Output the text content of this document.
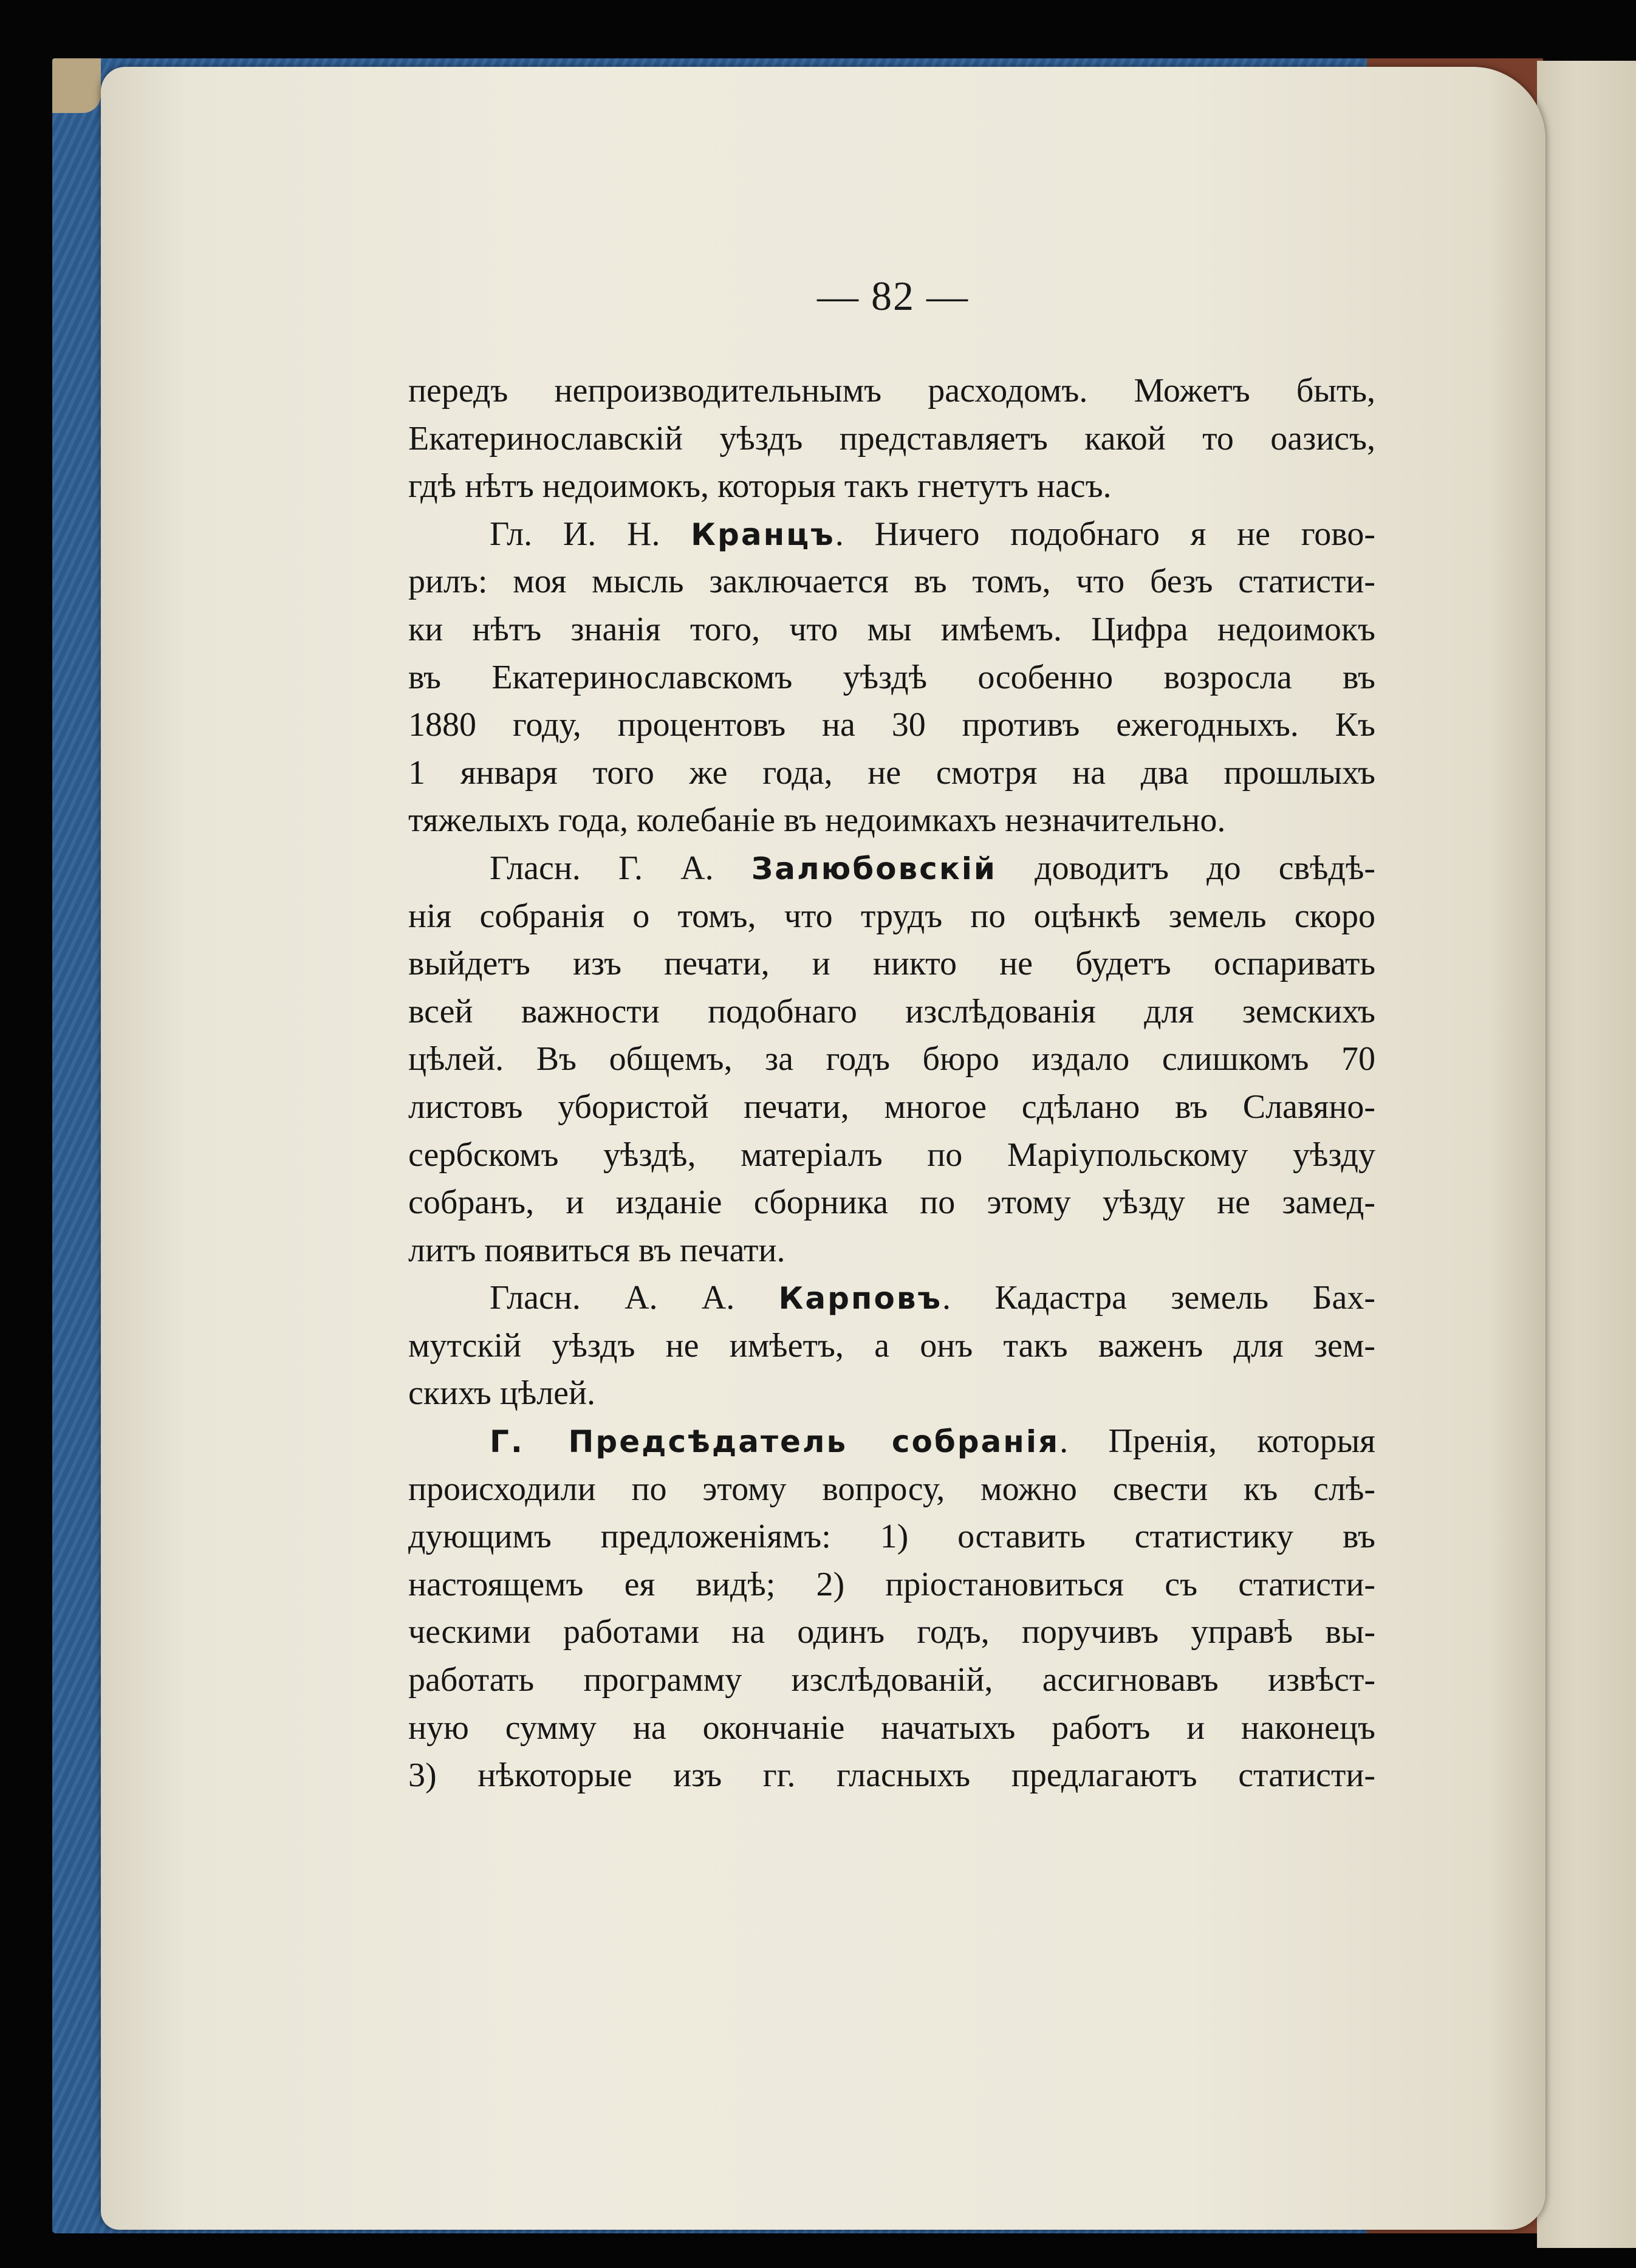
— 82 —
передъ непроизводительнымъ расходомъ. Можетъ быть,
Екатеринославскій уѣздъ представляетъ какой то оазисъ,
гдѣ нѣтъ недоимокъ, которыя такъ гнетутъ насъ.
Гл. И. Н. Кранцъ. Ничего подобнаго я не гово-
рилъ: моя мысль заключается въ томъ, что безъ статисти-
ки нѣтъ знанія того, что мы имѣемъ. Цифра недоимокъ
въ Екатеринославскомъ уѣздѣ особенно возросла въ
1880 году, процентовъ на 30 противъ ежегодныхъ. Къ
1 января того же года, не смотря на два прошлыхъ
тяжелыхъ года, колебаніе въ недоимкахъ незначительно.
Гласн. Г. А. Залюбовскій доводитъ до свѣдѣ-
нія собранія о томъ, что трудъ по оцѣнкѣ земель скоро
выйдетъ изъ печати, и никто не будетъ оспаривать
всей важности подобнаго изслѣдованія для земскихъ
цѣлей. Въ общемъ, за годъ бюро издало слишкомъ 70
листовъ убористой печати, многое сдѣлано въ Славяно-
сербскомъ уѣздѣ, матеріалъ по Маріупольскому уѣзду
собранъ, и изданіе сборника по этому уѣзду не замед-
литъ появиться въ печати.
Гласн. А. А. Карповъ. Кадастра земель Бах-
мутскій уѣздъ не имѣетъ, а онъ такъ важенъ для зем-
скихъ цѣлей.
Г. Предсѣдатель собранія. Пренія, которыя
происходили по этому вопросу, можно свести къ слѣ-
дующимъ предложеніямъ: 1) оставить статистику въ
настоящемъ ея видѣ; 2) пріостановиться съ статисти-
ческими работами на одинъ годъ, поручивъ управѣ вы-
работать программу изслѣдованій, ассигновавъ извѣст-
ную сумму на окончаніе начатыхъ работъ и наконецъ
3) нѣкоторые изъ гг. гласныхъ предлагаютъ статисти-
